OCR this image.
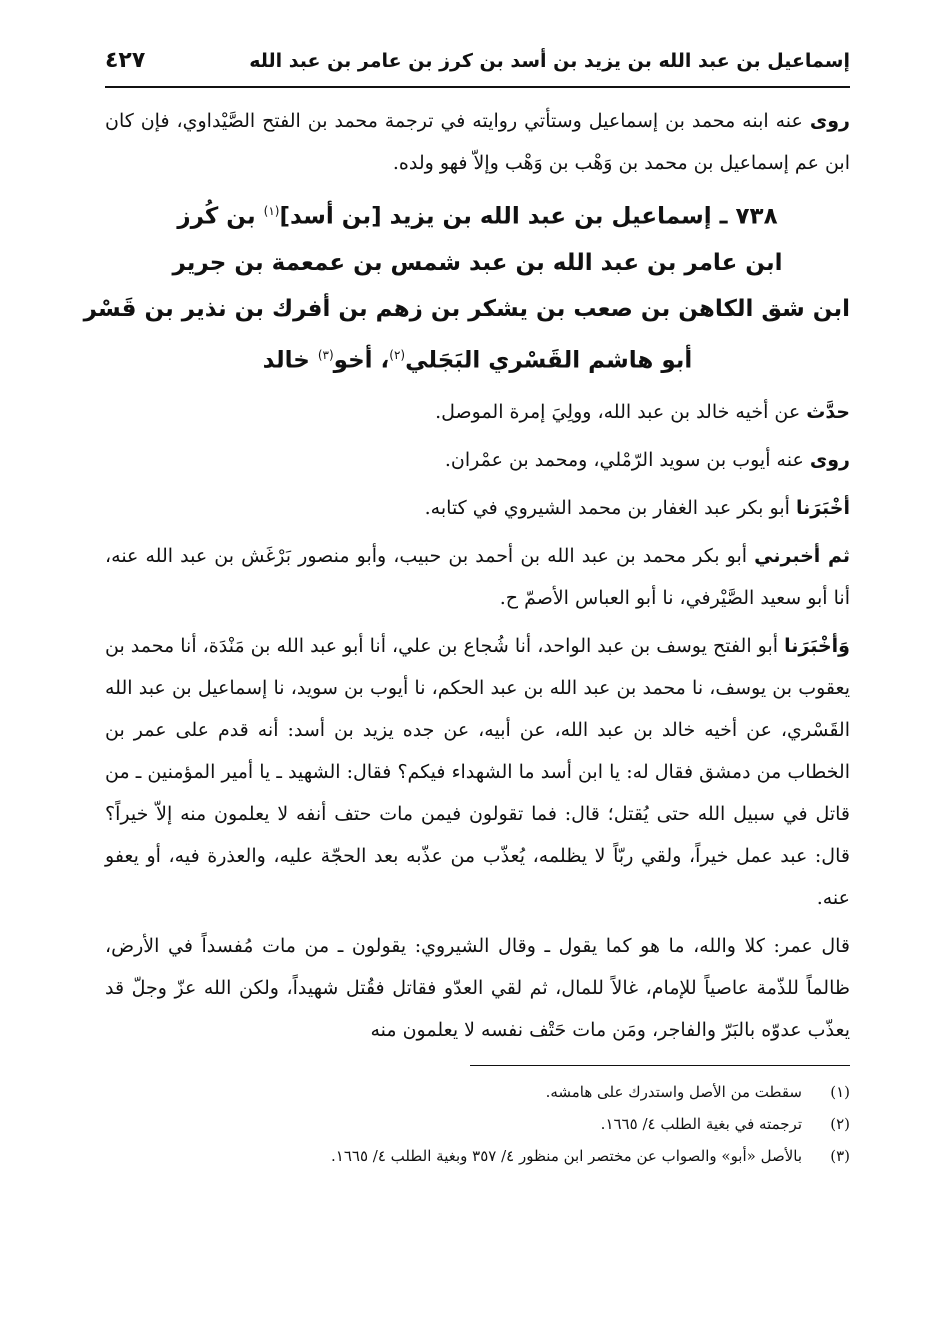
إسماعيل بن عبد الله بن يزيد بن أسد بن كرز بن عامر بن عبد الله
٤٢٧

روى عنه ابنه محمد بن إسماعيل وستأتي روايته في ترجمة محمد بن الفتح الصَّيْداوي، فإن كان ابن عم إسماعيل بن محمد بن وَهْب بن وَهْب وإلاّ فهو ولده.

٧٣٨ ـ إسماعيل بن عبد الله بن يزيد [بن أسد]$^{(١)}$ بن كُرز
ابن عامر بن عبد الله بن عبد شمس بن عمعمة بن جرير
ابن شق الكاهن بن صعب بن يشكر بن زهم بن أفرك بن نذير بن قَسْر
أبو هاشم القَسْري البَجَلي$^{(٢)}$، أخو$^{(٣)}$ خالد

حدَّث عن أخيه خالد بن عبد الله، وولِيَ إمرة الموصل.

روى عنه أيوب بن سويد الرّمْلي، ومحمد بن عمْران.

أخْبَرَنا أبو بكر عبد الغفار بن محمد الشيروي في كتابه.

ثم أخبرني أبو بكر محمد بن عبد الله بن أحمد بن حبيب، وأبو منصور بَرْغَش بن عبد الله عنه، أنا أبو سعيد الصَّيْرفي، نا أبو العباس الأصمّ ح.

وَأخْبَرَنا أبو الفتح يوسف بن عبد الواحد، أنا شُجاع بن علي، أنا أبو عبد الله بن مَنْدَة، أنا محمد بن يعقوب بن يوسف، نا محمد بن عبد الله بن عبد الحكم، نا أيوب بن سويد، نا إسماعيل بن عبد الله القَسْري، عن أخيه خالد بن عبد الله، عن أبيه، عن جده يزيد بن أسد: أنه قدم على عمر بن الخطاب من دمشق فقال له: يا ابن أسد ما الشهداء فيكم؟ فقال: الشهيد ـ يا أمير المؤمنين ـ من قاتل في سبيل الله حتى يُقتل؛ قال: فما تقولون فيمن مات حتف أنفه لا يعلمون منه إلاّ خيراً؟ قال: عبد عمل خيراً، ولقي ربّاً لا يظلمه، يُعذّب من عذّبه بعد الحجّة عليه، والعذرة فيه، أو يعفو عنه.

قال عمر: كلا والله، ما هو كما يقول ـ وقال الشيروي: يقولون ـ من مات مُفسداً في الأرض، ظالماً للذّمة عاصياً للإمام، غالاً للمال، ثم لقي العدّو فقاتل فقُتل شهيداً، ولكن الله عزّ وجلّ قد يعذّب عدوّه بالبَرّ والفاجر، ومَن مات حَتْف نفسه لا يعلمون منه

(١)
سقطت من الأصل واستدرك على هامشه.
(٢)
ترجمته في بغية الطلب ٤/ ١٦٦٥.
(٣)
بالأصل «أبو» والصواب عن مختصر ابن منظور ٤/ ٣٥٧ وبغية الطلب ٤/ ١٦٦٥.
